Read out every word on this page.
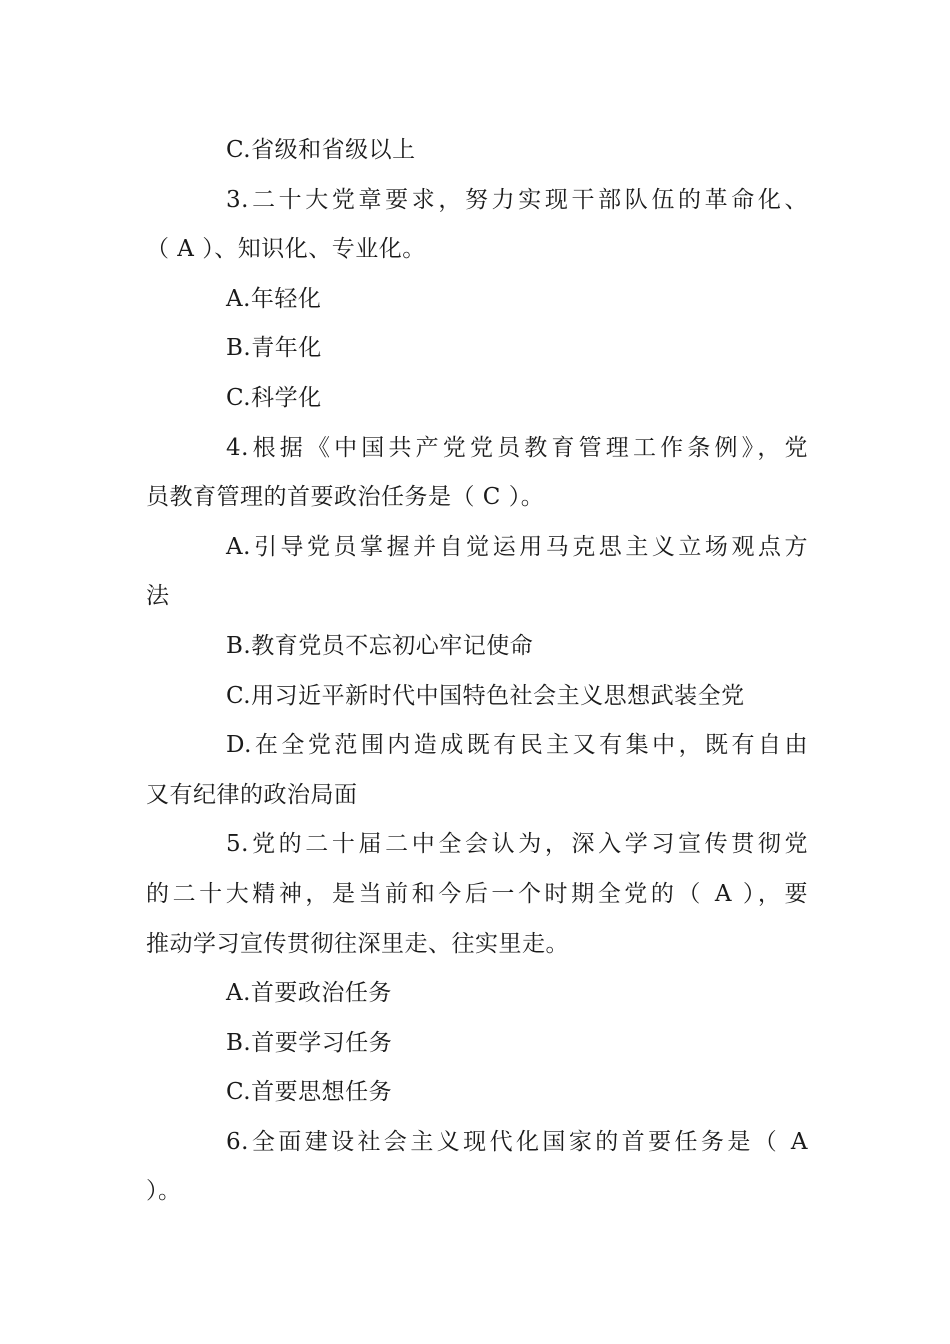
C.省级和省级以上
3.二十大党章要求，努力实现干部队伍的革命化、
（ A ）、知识化、专业化。
A.年轻化
B.青年化
C.科学化
4.根据《中国共产党党员教育管理工作条例》，党
员教育管理的首要政治任务是（ C ）。
A.引导党员掌握并自觉运用马克思主义立场观点方
法
B.教育党员不忘初心牢记使命
C.用习近平新时代中国特色社会主义思想武装全党
D.在全党范围内造成既有民主又有集中，既有自由
又有纪律的政治局面
5.党的二十届二中全会认为，深入学习宣传贯彻党
的二十大精神，是当前和今后一个时期全党的（ A ），要
推动学习宣传贯彻往深里走、往实里走。
A.首要政治任务
B.首要学习任务
C.首要思想任务
6.全面建设社会主义现代化国家的首要任务是（ A
）。
